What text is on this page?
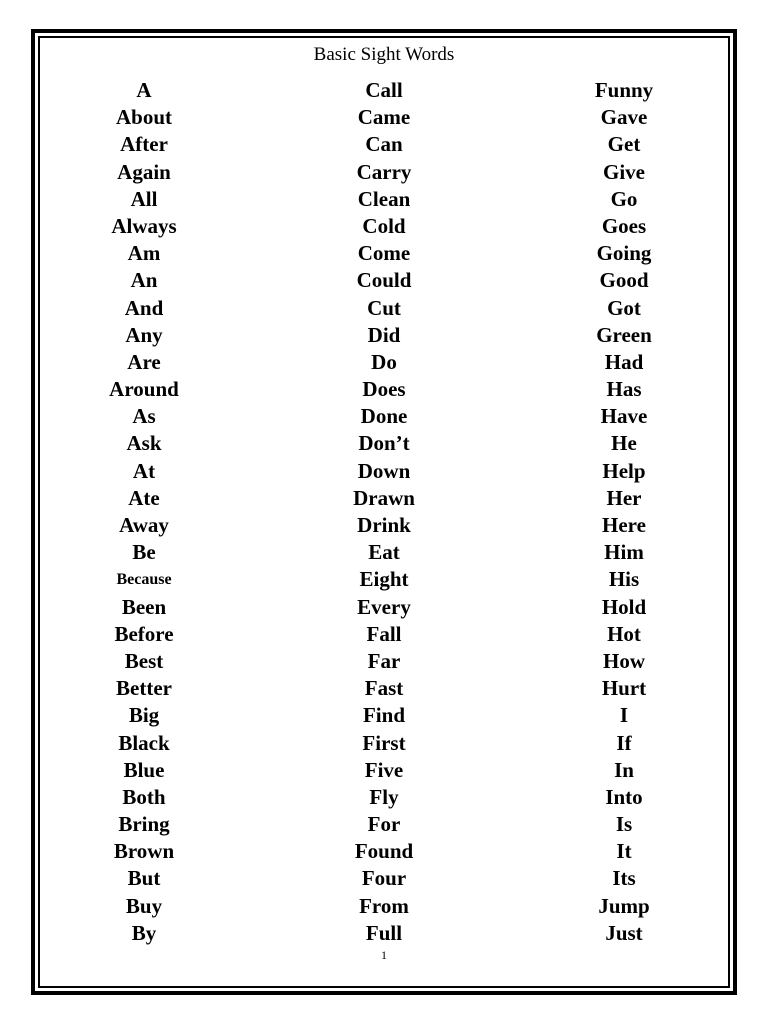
Basic Sight Words
A
About
After
Again
All
Always
Am
An
And
Any
Are
Around
As
Ask
At
Ate
Away
Be
Because
Been
Before
Best
Better
Big
Black
Blue
Both
Bring
Brown
But
Buy
By
Call
Came
Can
Carry
Clean
Cold
Come
Could
Cut
Did
Do
Does
Done
Don’t
Down
Drawn
Drink
Eat
Eight
Every
Fall
Far
Fast
Find
First
Five
Fly
For
Found
Four
From
Full
Funny
Gave
Get
Give
Go
Goes
Going
Good
Got
Green
Had
Has
Have
He
Help
Her
Here
Him
His
Hold
Hot
How
Hurt
I
If
In
Into
Is
It
Its
Jump
Just
1
